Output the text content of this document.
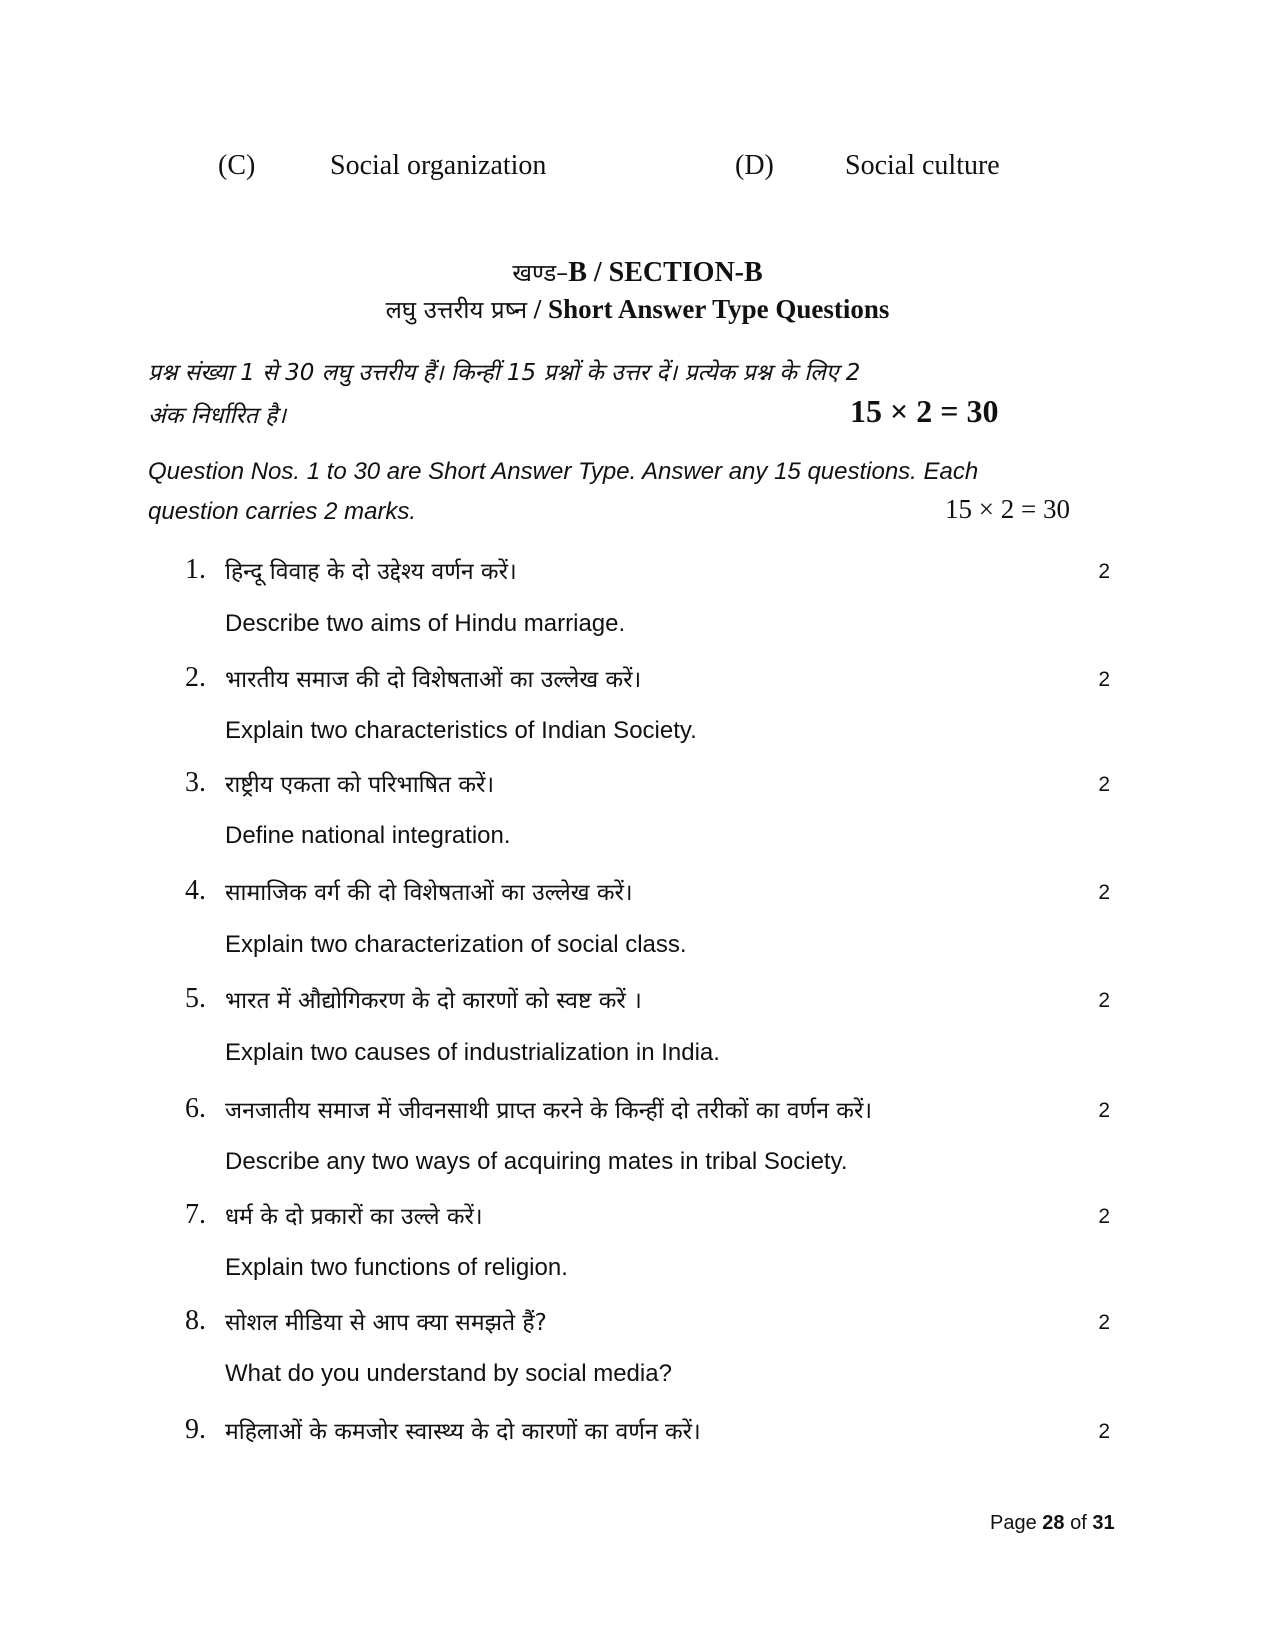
(C)	Social organization	(D)	Social culture
खण्ड–B / SECTION-B
लघु उत्तरीय प्रष्न / Short Answer Type Questions
प्रश्न संख्या 1 से 30 लघु उत्तरीय हैं। किन्हीं 15 प्रश्नों के उत्तर दें। प्रत्येक प्रश्न के लिए 2
अंक निर्धारित है।	15 × 2 = 30
Question Nos. 1 to 30 are Short Answer Type. Answer any 15 questions. Each
question carries 2 marks.	15 × 2 = 30
1. हिन्दू विवाह के दो उद्देश्य वर्णन करें।	2
Describe two aims of Hindu marriage.
2. भारतीय समाज की दो विशेषताओं का उल्लेख करें।	2
Explain two characteristics of Indian Society.
3. राष्ट्रीय एकता को परिभाषित करें।	2
Define national integration.
4. सामाजिक वर्ग की दो विशेषताओं का उल्लेख करें।	2
Explain two characterization of social class.
5. भारत में औद्योगिकरण के दो कारणों को स्वष्ट करें ।	2
Explain two causes of industrialization in India.
6. जनजातीय समाज में जीवनसाथी प्राप्त करने के किन्हीं दो तरीकों का वर्णन करें।	2
Describe any two ways of acquiring mates in tribal Society.
7. धर्म के दो प्रकारों का उल्ले करें।	2
Explain two functions of religion.
8. सोशल मीडिया से आप क्या समझते हैं?	2
What do you understand by social media?
9. महिलाओं के कमजोर स्वास्थ्य के दो कारणों का वर्णन करें।	2
Page 28 of 31
